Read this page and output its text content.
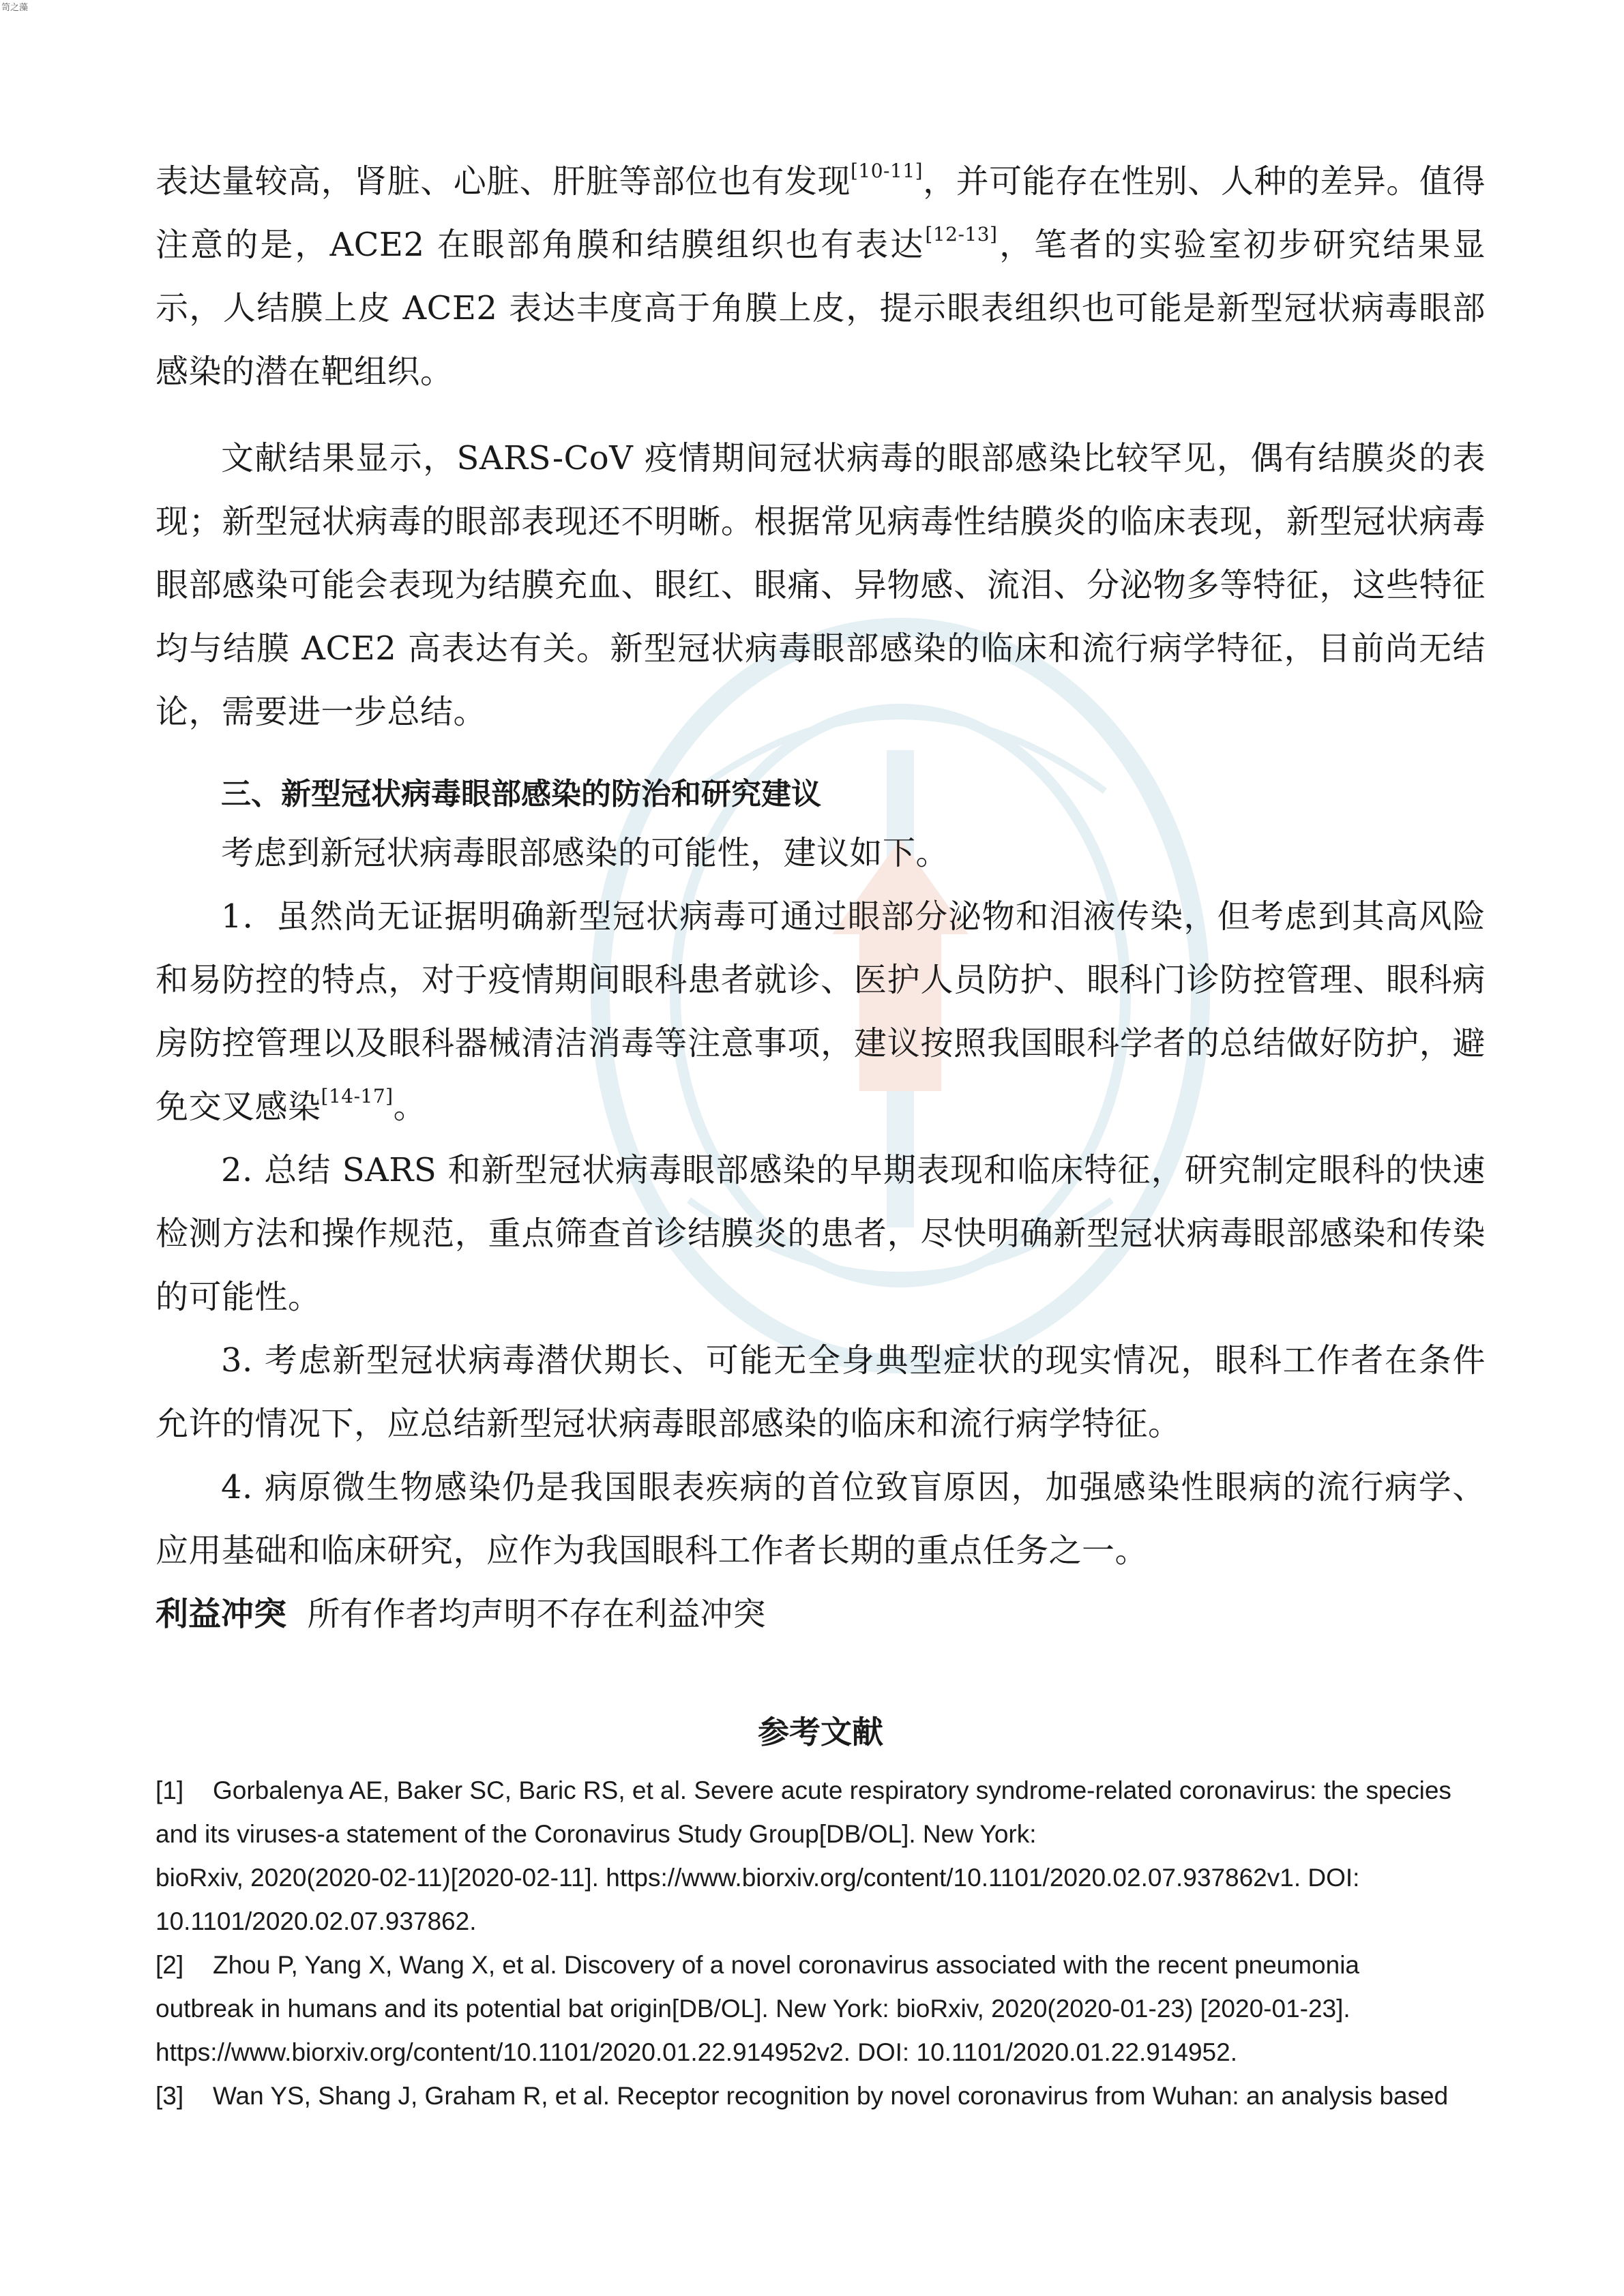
笥之藻

表达量较高，肾脏、心脏、肝脏等部位也有发现[10-11]，并可能存在性别、人种的差异。值得注意的是，ACE2 在眼部角膜和结膜组织也有表达[12-13]，笔者的实验室初步研究结果显示，人结膜上皮 ACE2 表达丰度高于角膜上皮，提示眼表组织也可能是新型冠状病毒眼部感染的潜在靶组织。

文献结果显示，SARS-CoV 疫情期间冠状病毒的眼部感染比较罕见，偶有结膜炎的表现；新型冠状病毒的眼部表现还不明晰。根据常见病毒性结膜炎的临床表现，新型冠状病毒眼部感染可能会表现为结膜充血、眼红、眼痛、异物感、流泪、分泌物多等特征，这些特征均与结膜 ACE2 高表达有关。新型冠状病毒眼部感染的临床和流行病学特征，目前尚无结论，需要进一步总结。

三、新型冠状病毒眼部感染的防治和研究建议

考虑到新冠状病毒眼部感染的可能性，建议如下。

1．虽然尚无证据明确新型冠状病毒可通过眼部分泌物和泪液传染，但考虑到其高风险和易防控的特点，对于疫情期间眼科患者就诊、医护人员防护、眼科门诊防控管理、眼科病房防控管理以及眼科器械清洁消毒等注意事项，建议按照我国眼科学者的总结做好防护，避免交叉感染[14-17]。

2. 总结 SARS 和新型冠状病毒眼部感染的早期表现和临床特征，研究制定眼科的快速检测方法和操作规范，重点筛查首诊结膜炎的患者，尽快明确新型冠状病毒眼部感染和传染的可能性。

3. 考虑新型冠状病毒潜伏期长、可能无全身典型症状的现实情况，眼科工作者在条件允许的情况下，应总结新型冠状病毒眼部感染的临床和流行病学特征。

4. 病原微生物感染仍是我国眼表疾病的首位致盲原因，加强感染性眼病的流行病学、应用基础和临床研究，应作为我国眼科工作者长期的重点任务之一。

利益冲突 所有作者均声明不存在利益冲突

参考文献
[1] Gorbalenya AE, Baker SC, Baric RS, et al. Severe acute respiratory syndrome-related coronavirus: the species
and its viruses-a statement of the Coronavirus Study Group[DB/OL]. New York:
bioRxiv, 2020(2020-02-11)[2020-02-11]. https://www.biorxiv.org/content/10.1101/2020.02.07.937862v1. DOI:
10.1101/2020.02.07.937862.
[2] Zhou P, Yang X, Wang X, et al. Discovery of a novel coronavirus associated with the recent pneumonia
outbreak in humans and its potential bat origin[DB/OL]. New York: bioRxiv, 2020(2020-01-23) [2020-01-23].
https://www.biorxiv.org/content/10.1101/2020.01.22.914952v2. DOI: 10.1101/2020.01.22.914952.
[3] Wan YS, Shang J, Graham R, et al. Receptor recognition by novel coronavirus from Wuhan: an analysis based
